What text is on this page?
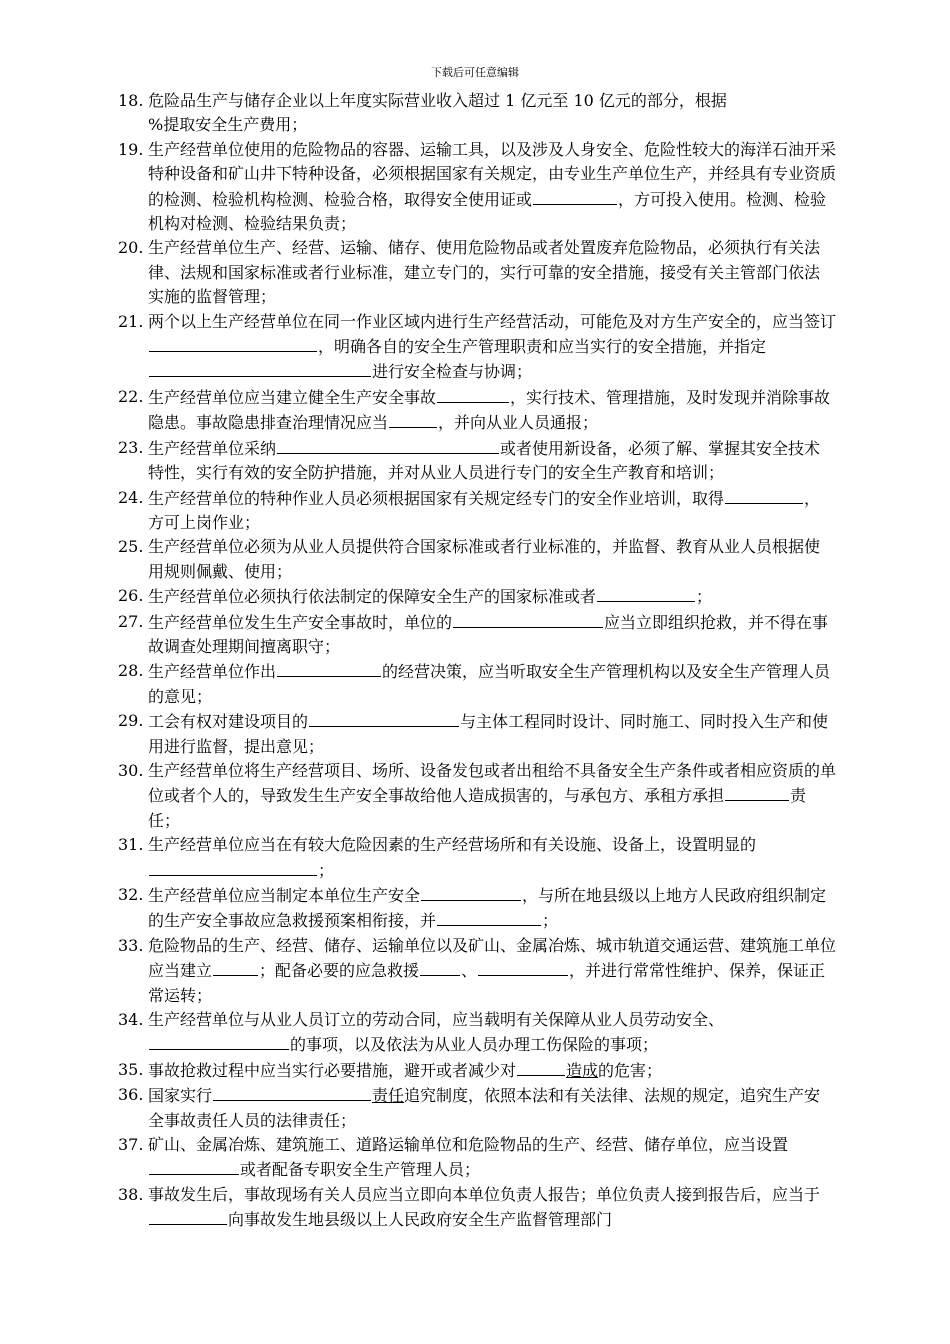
下载后可任意编辑

18. 危险品生产与储存企业以上年度实际营业收入超过 1 亿元至 10 亿元的部分，根据
%提取安全生产费用；

19. 生产经营单位使用的危险物品的容器、运输工具，以及涉及人身安全、危险性较大的海洋石油开采特种设备和矿山井下特种设备，必须根据国家有关规定，由专业生产单位生产，并经具有专业资质的检测、检验机构检测、检验合格，取得安全使用证或	，方可投入使用。检测、检验机构对检测、检验结果负责；

20. 生产经营单位生产、经营、运输、储存、使用危险物品或者处置废弃危险物品，必须执行有关法律、法规和国家标准或者行业标准，建立专门的，实行可靠的安全措施，接受有关主管部门依法实施的监督管理；

21. 两个以上生产经营单位在同一作业区域内进行生产经营活动，可能危及对方生产安全的，应当签订，明确各自的安全生产管理职责和应当实行的安全措施，并指定进行安全检查与协调；

22. 生产经营单位应当建立健全生产安全事故	，实行技术、管理措施，及时发现并消除事故隐患。事故隐患排查治理情况应当	，并向从业人员通报；

23. 生产经营单位采纳	或者使用新设备，必须了解、掌握其安全技术特性，实行有效的安全防护措施，并对从业人员进行专门的安全生产教育和培训；

24. 生产经营单位的特种作业人员必须根据国家有关规定经专门的安全作业培训，取得	，方可上岗作业；

25. 生产经营单位必须为从业人员提供符合国家标准或者行业标准的，并监督、教育从业人员根据使用规则佩戴、使用；

26. 生产经营单位必须执行依法制定的保障安全生产的国家标准或者	；

27. 生产经营单位发生生产安全事故时，单位的	应当立即组织抢救，并不得在事故调查处理期间擅离职守；

28. 生产经营单位作出	的经营决策，应当听取安全生产管理机构以及安全生产管理人员的意见；

29. 工会有权对建设项目的	与主体工程同时设计、同时施工、同时投入生产和使用进行监督，提出意见；

30. 生产经营单位将生产经营项目、场所、设备发包或者出租给不具备安全生产条件或者相应资质的单位或者个人的，导致发生生产安全事故给他人造成损害的，与承包方、承租方承担	责任；

31. 生产经营单位应当在有较大危险因素的生产经营场所和有关设施、设备上，设置明显的；

32. 生产经营单位应当制定本单位生产安全	，与所在地县级以上地方人民政府组织制定的生产安全事故应急救援预案相衔接，并	；

33. 危险物品的生产、经营、储存、运输单位以及矿山、金属冶炼、城市轨道交通运营、建筑施工单位应当建立	；配备必要的应急救援	、	，并进行常常性维护、保养，保证正常运转；

34. 生产经营单位与从业人员订立的劳动合同，应当载明有关保障从业人员劳动安全、的事项，以及依法为从业人员办理工伤保险的事项；

35. 事故抢救过程中应当实行必要措施，避开或者减少对	造成的危害；

36. 国家实行	责任追究制度，依照本法和有关法律、法规的规定，追究生产安全事故责任人员的法律责任；

37. 矿山、金属冶炼、建筑施工、道路运输单位和危险物品的生产、经营、储存单位，应当设置或者配备专职安全生产管理人员；

38. 事故发生后，事故现场有关人员应当立即向本单位负责人报告；单位负责人接到报告后，应当于向事故发生地县级以上人民政府安全生产监督管理部门
